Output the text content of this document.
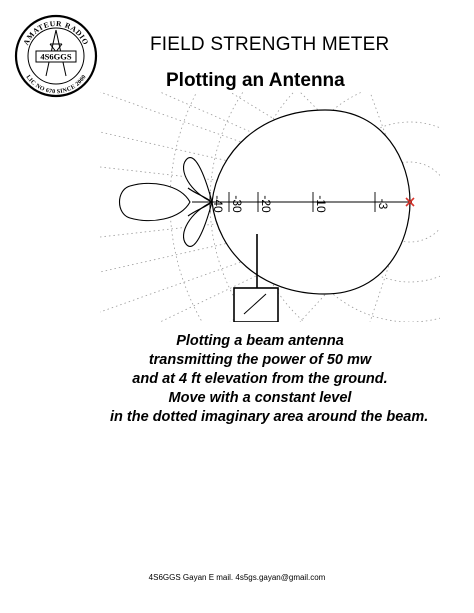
AMATEUR RADIO
LIC NO 670 SINCE 2000
4S6GGS
FIELD STRENGTH METER
Plotting an Antenna
-40 -30 -20	-10	-3
Plotting a beam antenna
transmitting the power of 50 mw
and at 4 ft elevation from the ground.
Move with a constant level
in the dotted imaginary area around the beam.
4S6GGS Gayan E mail. 4s5gs.gayan@gmail.com
